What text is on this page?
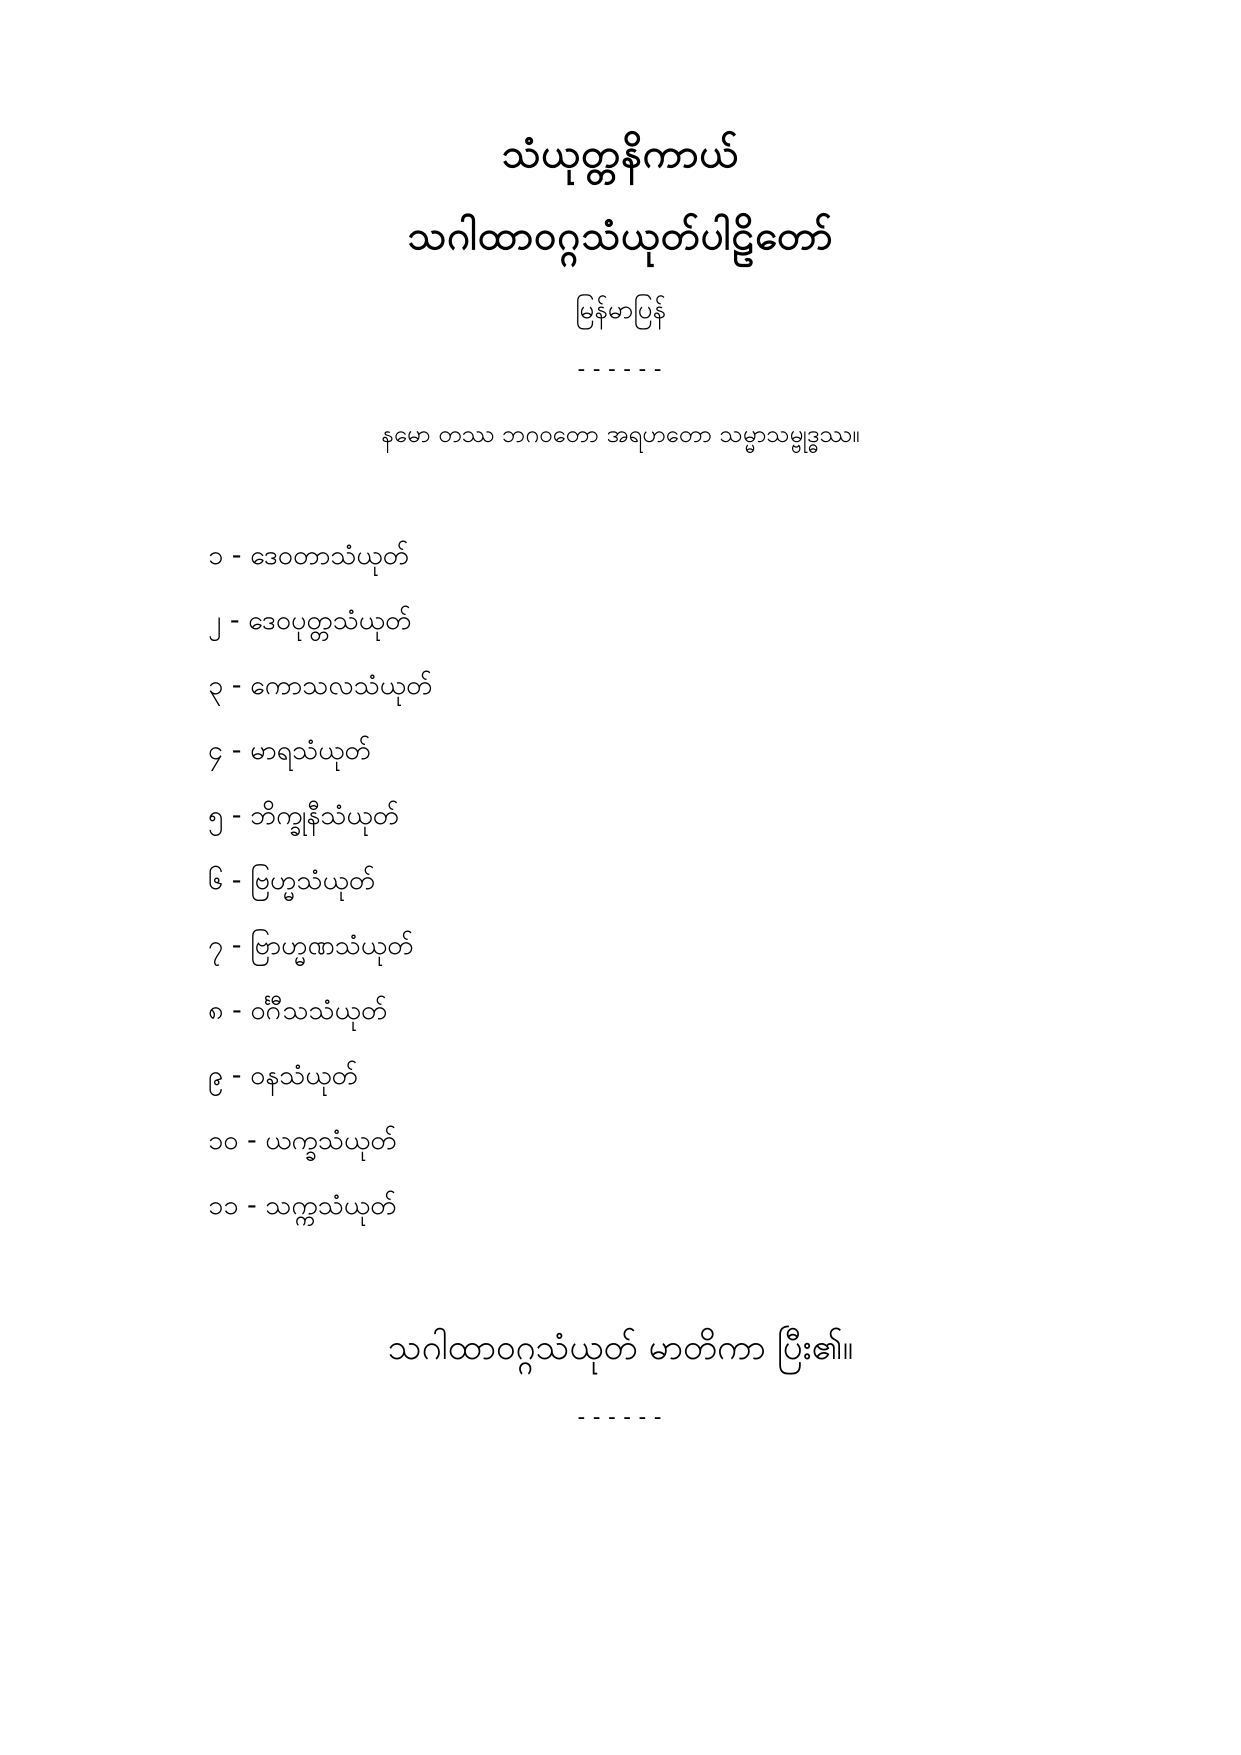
သံယုတ္တနိကာယ်
သဂါထာဝဂ္ဂသံယုတ်ပါဠိတော်
မြန်မာပြန်
------
နမော တဿ ဘဂဝတော အရဟတော သမ္မာသမ္ဗုဒ္ဓဿ။
၁ - ဒေဝတာသံယုတ်
၂ - ဒေဝပုတ္တသံယုတ်
၃ - ကောသလသံယုတ်
၄ - မာရသံယုတ်
၅ - ဘိက္ခုနီသံယုတ်
၆ - ဗြဟ္မသံယုတ်
၇ - ဗြာဟ္မဏသံယုတ်
၈ - ဝင်္ဂီသသံယုတ်
၉ - ဝနသံယုတ်
၁၀ - ယက္ခသံယုတ်
၁၁ - သက္ကသံယုတ်
သဂါထာဝဂ္ဂသံယုတ် မာတိကာ ပြီး၏။
------
